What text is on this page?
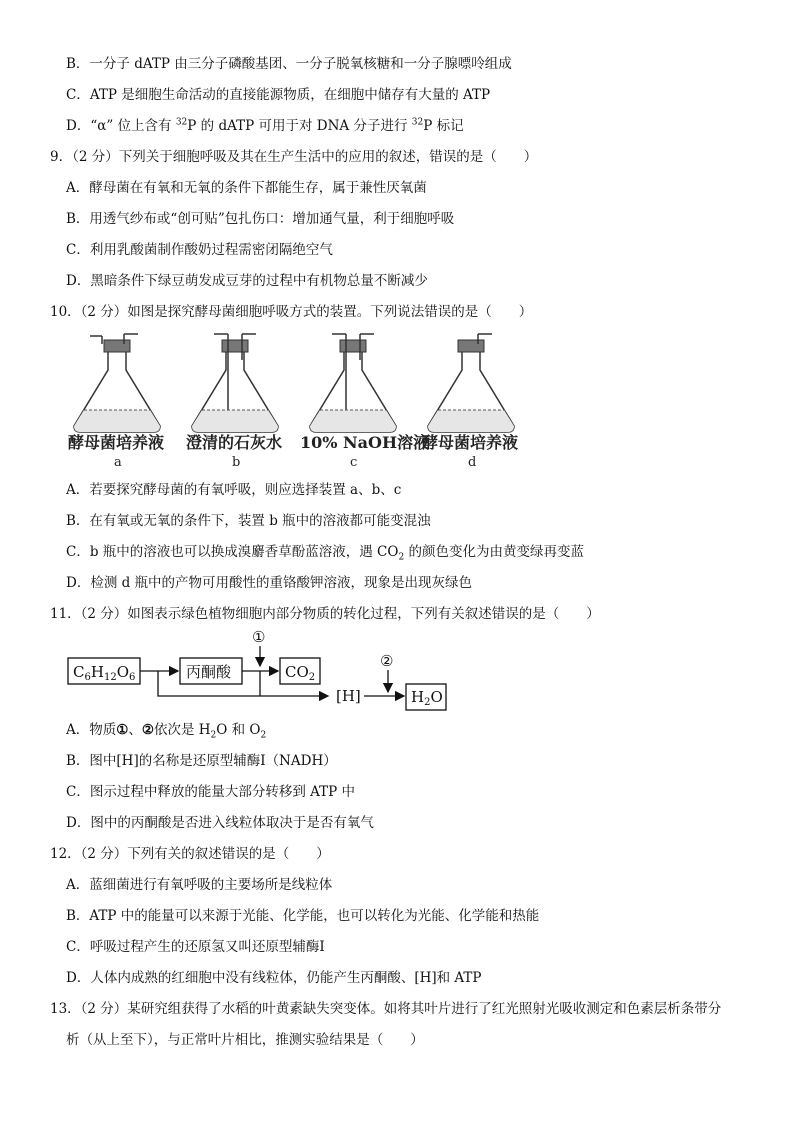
B．一分子 dATP 由三分子磷酸基团、一分子脱氧核糖和一分子腺嘌呤组成
C．ATP 是细胞生命活动的直接能源物质，在细胞中储存有大量的 ATP
D．“α” 位上含有 $^{32}$P 的 dATP 可用于对 DNA 分子进行 $^{32}$P 标记
9．（2 分）下列关于细胞呼吸及其在生产生活中的应用的叙述，错误的是（　　）
A．酵母菌在有氧和无氧的条件下都能生存，属于兼性厌氧菌
B．用透气纱布或“创可贴”包扎伤口：增加通气量，利于细胞呼吸
C．利用乳酸菌制作酸奶过程需密闭隔绝空气
D．黑暗条件下绿豆萌发成豆芽的过程中有机物总量不断减少
10．（2 分）如图是探究酵母菌细胞呼吸方式的装置。下列说法错误的是（　　）
酵母菌培养液 澄清的石灰水 10% NaOH溶液
酵母菌培养液
a	b	c	d
A．若要探究酵母菌的有氧呼吸，则应选择装置 a、b、c
B．在有氧或无氧的条件下，装置 b 瓶中的溶液都可能变混浊
C．b 瓶中的溶液也可以换成溴麝香草酚蓝溶液，遇 $CO_2$ 的颜色变化为由黄变绿再变蓝
D．检测 d 瓶中的产物可用酸性的重铬酸钾溶液，现象是出现灰绿色
11．（2 分）如图表示绿色植物细胞内部分物质的转化过程，下列有关叙述错误的是（　　）
$C_6H_{12}O_6$	丙酮酸
①
$CO_2$
[H]
②
$H_2O$
A．物质①、②依次是 $H_2O$ 和 $O_2$
B．图中[H]的名称是还原型辅酶Ⅰ（NADH）
C．图示过程中释放的能量大部分转移到 ATP 中
D．图中的丙酮酸是否进入线粒体取决于是否有氧气
12．（2 分）下列有关的叙述错误的是（　　）
A．蓝细菌进行有氧呼吸的主要场所是线粒体
B．ATP 中的能量可以来源于光能、化学能，也可以转化为光能、化学能和热能
C．呼吸过程产生的还原氢又叫还原型辅酶Ⅰ
D．人体内成熟的红细胞中没有线粒体，仍能产生丙酮酸、[H]和 ATP
13．（2 分）某研究组获得了水稻的叶黄素缺失突变体。如将其叶片进行了红光照射光吸收测定和色素层析条带分
析（从上至下），与正常叶片相比，推测实验结果是（　　）
